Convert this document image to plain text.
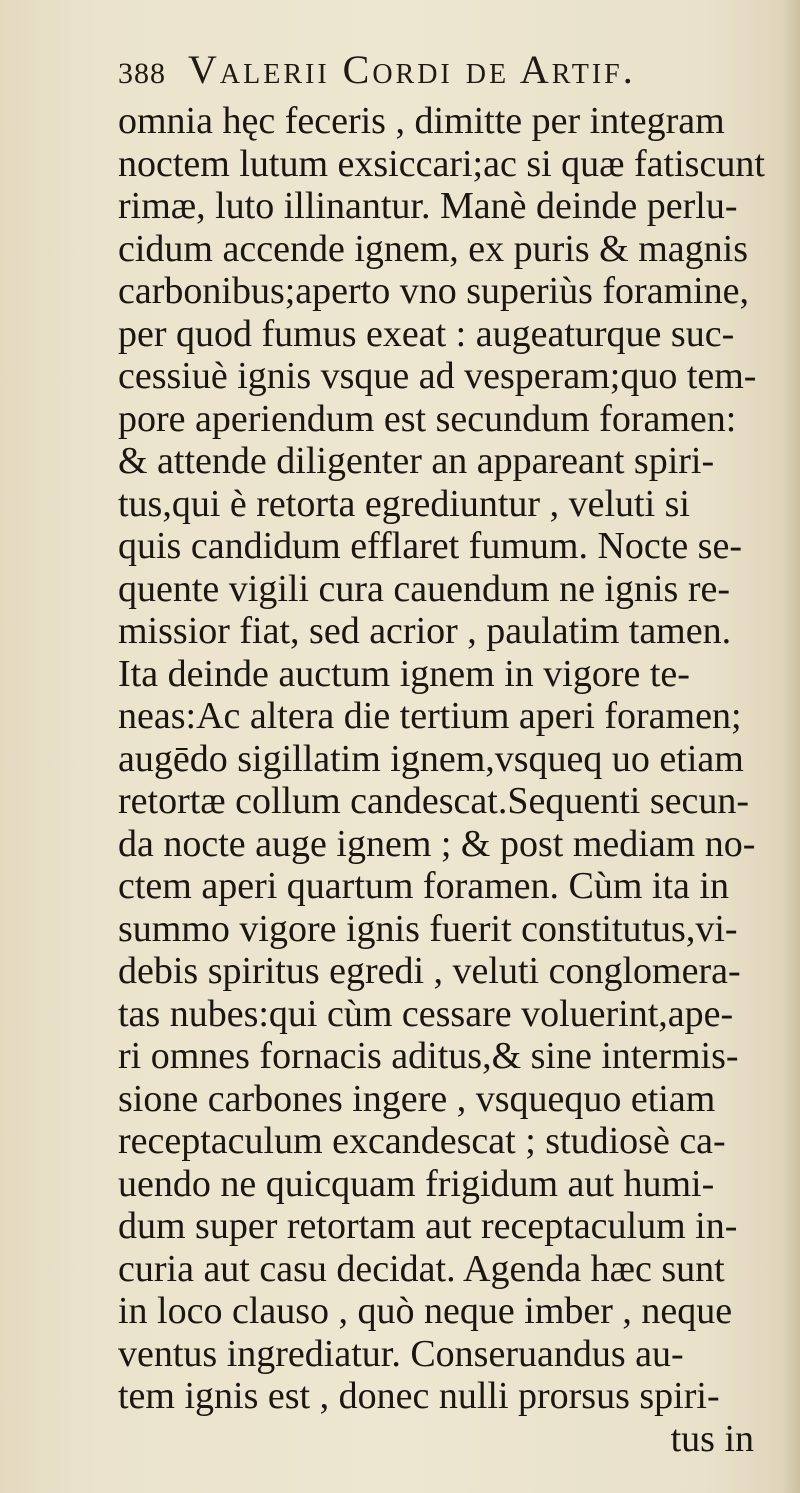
388 Valerii Cordi de Artif.
omnia hęc feceris , dimitte per integram
noctem lutum exsiccari;ac si quæ fatiscunt
rimæ, luto illinantur. Manè deinde perlu-
cidum accende ignem, ex puris & magnis
carbonibus;aperto vno superiùs foramine,
per quod fumus exeat : augeaturque suc-
cessiuè ignis vsque ad vesperam;quo tem-
pore aperiendum est secundum foramen:
& attende diligenter an appareant spiri-
tus,qui è retorta egrediuntur , veluti si
quis candidum efflaret fumum. Nocte se-
quente vigili cura cauendum ne ignis re-
missior fiat, sed acrior , paulatim tamen.
Ita deinde auctum ignem in vigore te-
neas:Ac altera die tertium aperi foramen;
augēdo sigillatim ignem,vsqueq uo etiam
retortæ collum candescat.Sequenti secun-
da nocte auge ignem ; & post mediam no-
ctem aperi quartum foramen. Cùm ita in
summo vigore ignis fuerit constitutus,vi-
debis spiritus egredi , veluti conglomera-
tas nubes:qui cùm cessare voluerint,ape-
ri omnes fornacis aditus,& sine intermis-
sione carbones ingere , vsquequo etiam
receptaculum excandescat ; studiosè ca-
uendo ne quicquam frigidum aut humi-
dum super retortam aut receptaculum in-
curia aut casu decidat. Agenda hæc sunt
in loco clauso , quò neque imber , neque
ventus ingrediatur. Conseruandus au-
tem ignis est , donec nulli prorsus spiri-
tus in
